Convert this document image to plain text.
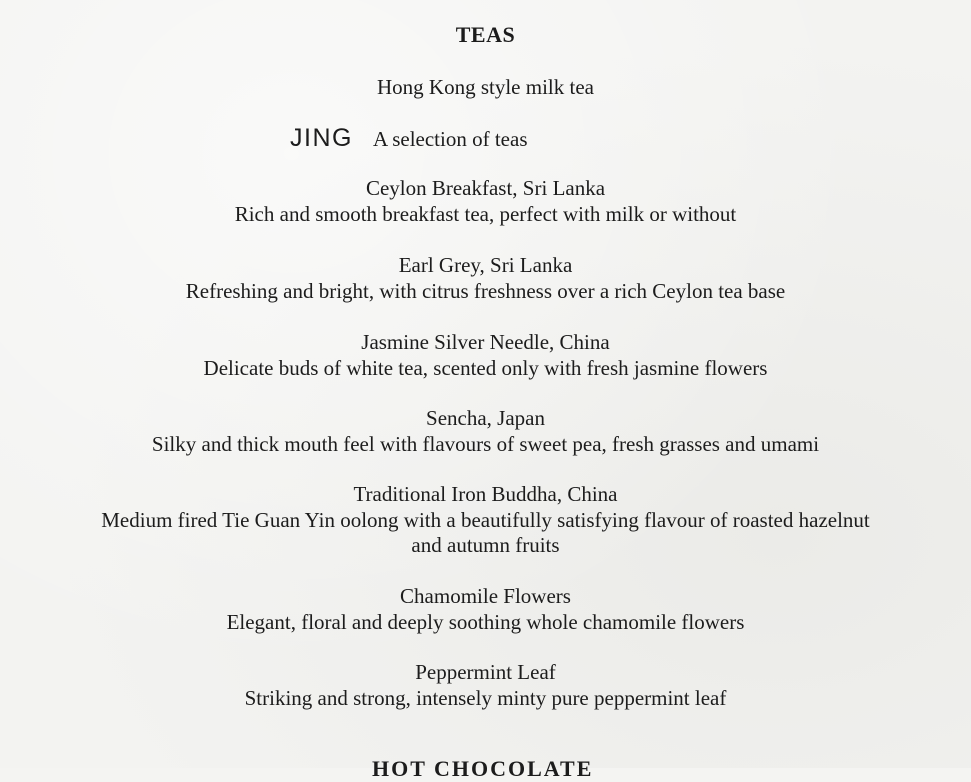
TEAS
Hong Kong style milk tea
JING A selection of teas
Ceylon Breakfast, Sri Lanka
Rich and smooth breakfast tea, perfect with milk or without
Earl Grey, Sri Lanka
Refreshing and bright, with citrus freshness over a rich Ceylon tea base
Jasmine Silver Needle, China
Delicate buds of white tea, scented only with fresh jasmine flowers
Sencha, Japan
Silky and thick mouth feel with flavours of sweet pea, fresh grasses and umami
Traditional Iron Buddha, China
Medium fired Tie Guan Yin oolong with a beautifully satisfying flavour of roasted hazelnut
and autumn fruits
Chamomile Flowers
Elegant, floral and deeply soothing whole chamomile flowers
Peppermint Leaf
Striking and strong, intensely minty pure peppermint leaf
HOT CHOCOLATE
